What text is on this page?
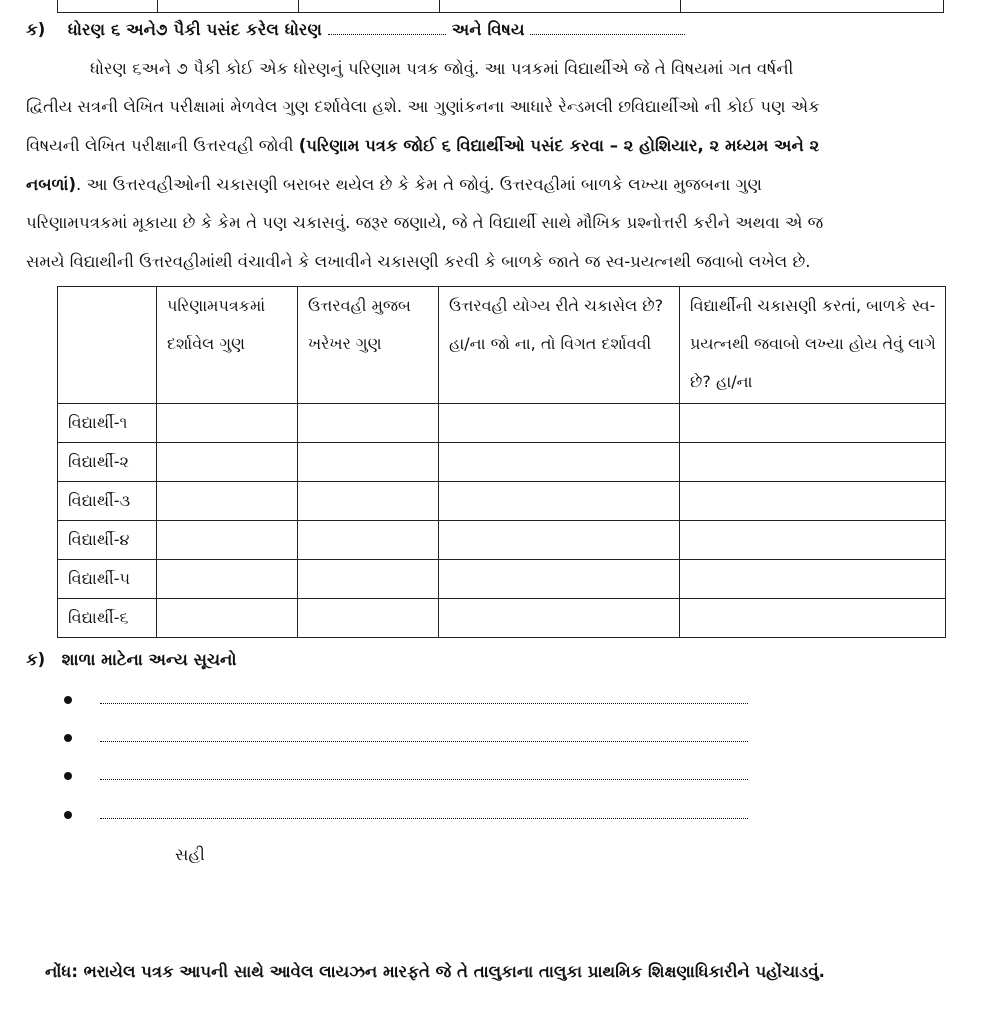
ક) ધોરણ ૬ અને૭ પૈકી પસંદ કરેલ ધોરણ	અને વિષય
ધોરણ ૬અને ૭ પૈકી કોઈ એક ધોરણનું પરિણામ પત્રક જોવું. આ પત્રકમાં વિદ્યાર્થીએ જે તે વિષયમાં ગત વર્ષની
દ્વિતીય સત્રની લેખિત પરીક્ષામાં મેળવેલ ગુણ દર્શાવેલા હશે. આ ગુણાંકનના આધારે રેન્ડમલી છવિદ્યાર્થીઓ ની કોઈ પણ એક
વિષયની લેખિત પરીક્ષાની ઉત્તરવહી જોવી (પરિણામ પત્રક જોઈ ૬ વિદ્યાર્થીઓ પસંદ કરવા – ૨ હોશિયાર, ૨ મધ્યમ અને ૨
નબળાં). આ ઉત્તરવહીઓની ચકાસણી બરાબર થયેલ છે કે કેમ તે જોવું. ઉત્તરવહીમાં બાળકે લખ્યા મુજબના ગુણ
પરિણામપત્રકમાં મૂકાયા છે કે કેમ તે પણ ચકાસવું. જરૂર જણાયે, જે તે વિદ્યાર્થી સાથે મૌખિક પ્રશ્નોત્તરી કરીને અથવા એ જ
સમયે વિદ્યાથીની ઉત્તરવહીમાંથી વંચાવીને કે લખાવીને ચકાસણી કરવી કે બાળકે જાતે જ સ્વ-પ્રયત્નથી જવાબો લખેલ છે.
	પરિણામપત્રકમાં દર્શાવેલ ગુણ	ઉત્તરવહી મુજબ ખરેખર ગુણ	ઉત્તરવહી યોગ્ય રીતે ચકાસેલ છે? હા/ના જો ના, તો વિગત દર્શાવવી	વિદ્યાર્થીની ચકાસણી કરતાં, બાળકે સ્વ-પ્રયત્નથી જવાબો લખ્યા હોય તેવું લાગે છે? હા/ના
વિદ્યાર્થી-૧				
વિદ્યાર્થી-૨				
વિદ્યાર્થી-૩				
વિદ્યાર્થી-૪				
વિદ્યાર્થી-૫				
વિદ્યાર્થી-૬				
ક) શાળા માટેના અન્ય સૂચનો
સહી
નોંધ: ભરાયેલ પત્રક આપની સાથે આવેલ લાયઝન મારફતે જે તે તાલુકાના તાલુકા પ્રાથમિક શિક્ષણાધિકારીને પહોંચાડવું.
